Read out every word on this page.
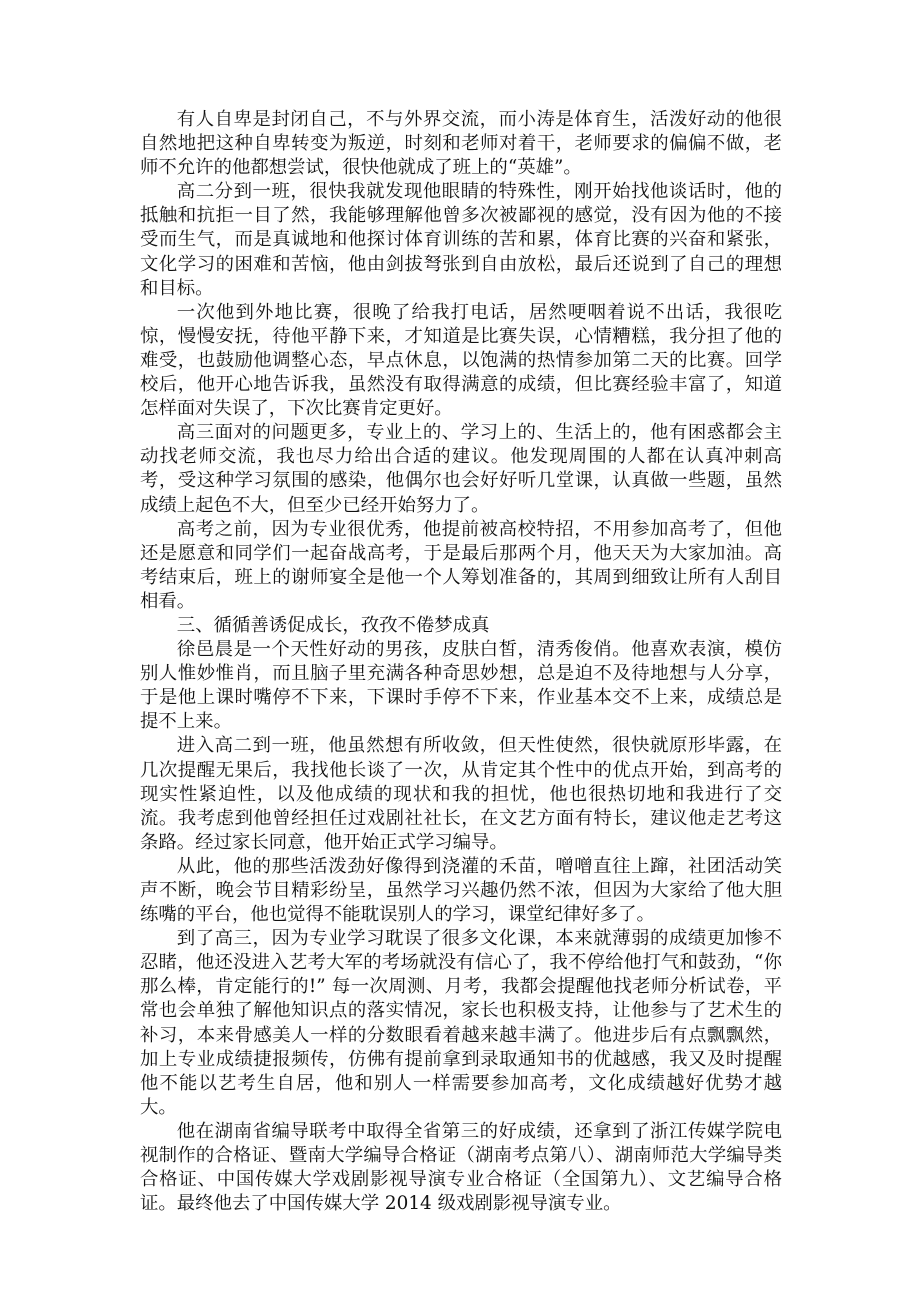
有人自卑是封闭自己，不与外界交流，而小涛是体育生，活泼好动的他很自然地把这种自卑转变为叛逆，时刻和老师对着干，老师要求的偏偏不做，老师不允许的他都想尝试，很快他就成了班上的“英雄”。

高二分到一班，很快我就发现他眼睛的特殊性，刚开始找他谈话时，他的抵触和抗拒一目了然，我能够理解他曾多次被鄙视的感觉，没有因为他的不接受而生气，而是真诚地和他探讨体育训练的苦和累，体育比赛的兴奋和紧张，文化学习的困难和苦恼，他由剑拔弩张到自由放松，最后还说到了自己的理想和目标。

一次他到外地比赛，很晚了给我打电话，居然哽咽着说不出话，我很吃惊，慢慢安抚，待他平静下来，才知道是比赛失误，心情糟糕，我分担了他的难受，也鼓励他调整心态，早点休息，以饱满的热情参加第二天的比赛。回学校后，他开心地告诉我，虽然没有取得满意的成绩，但比赛经验丰富了，知道怎样面对失误了，下次比赛肯定更好。

高三面对的问题更多，专业上的、学习上的、生活上的，他有困惑都会主动找老师交流，我也尽力给出合适的建议。他发现周围的人都在认真冲刺高考，受这种学习氛围的感染，他偶尔也会好好听几堂课，认真做一些题，虽然成绩上起色不大，但至少已经开始努力了。

高考之前，因为专业很优秀，他提前被高校特招，不用参加高考了，但他还是愿意和同学们一起奋战高考，于是最后那两个月，他天天为大家加油。高考结束后，班上的谢师宴全是他一个人筹划准备的，其周到细致让所有人刮目相看。

三、循循善诱促成长，孜孜不倦梦成真

徐邑晨是一个天性好动的男孩，皮肤白皙，清秀俊俏。他喜欢表演，模仿别人惟妙惟肖，而且脑子里充满各种奇思妙想，总是迫不及待地想与人分享，于是他上课时嘴停不下来，下课时手停不下来，作业基本交不上来，成绩总是提不上来。

进入高二到一班，他虽然想有所收敛，但天性使然，很快就原形毕露，在几次提醒无果后，我找他长谈了一次，从肯定其个性中的优点开始，到高考的现实性紧迫性，以及他成绩的现状和我的担忧，他也很热切地和我进行了交流。我考虑到他曾经担任过戏剧社社长，在文艺方面有特长，建议他走艺考这条路。经过家长同意，他开始正式学习编导。

从此，他的那些活泼劲好像得到浇灌的禾苗，噌噌直往上蹿，社团活动笑声不断，晚会节目精彩纷呈，虽然学习兴趣仍然不浓，但因为大家给了他大胆练嘴的平台，他也觉得不能耽误别人的学习，课堂纪律好多了。

到了高三，因为专业学习耽误了很多文化课，本来就薄弱的成绩更加惨不忍睹，他还没进入艺考大军的考场就没有信心了，我不停给他打气和鼓劲，“你那么棒，肯定能行的!” 每一次周测、月考，我都会提醒他找老师分析试卷，平常也会单独了解他知识点的落实情况，家长也积极支持，让他参与了艺术生的补习，本来骨感美人一样的分数眼看着越来越丰满了。他进步后有点飘飘然，加上专业成绩捷报频传，仿佛有提前拿到录取通知书的优越感，我又及时提醒他不能以艺考生自居，他和别人一样需要参加高考，文化成绩越好优势才越大。

他在湖南省编导联考中取得全省第三的好成绩，还拿到了浙江传媒学院电视制作的合格证、暨南大学编导合格证（湖南考点第八）、湖南师范大学编导类合格证、中国传媒大学戏剧影视导演专业合格证（全国第九）、文艺编导合格证。最终他去了中国传媒大学 2014 级戏剧影视导演专业。
